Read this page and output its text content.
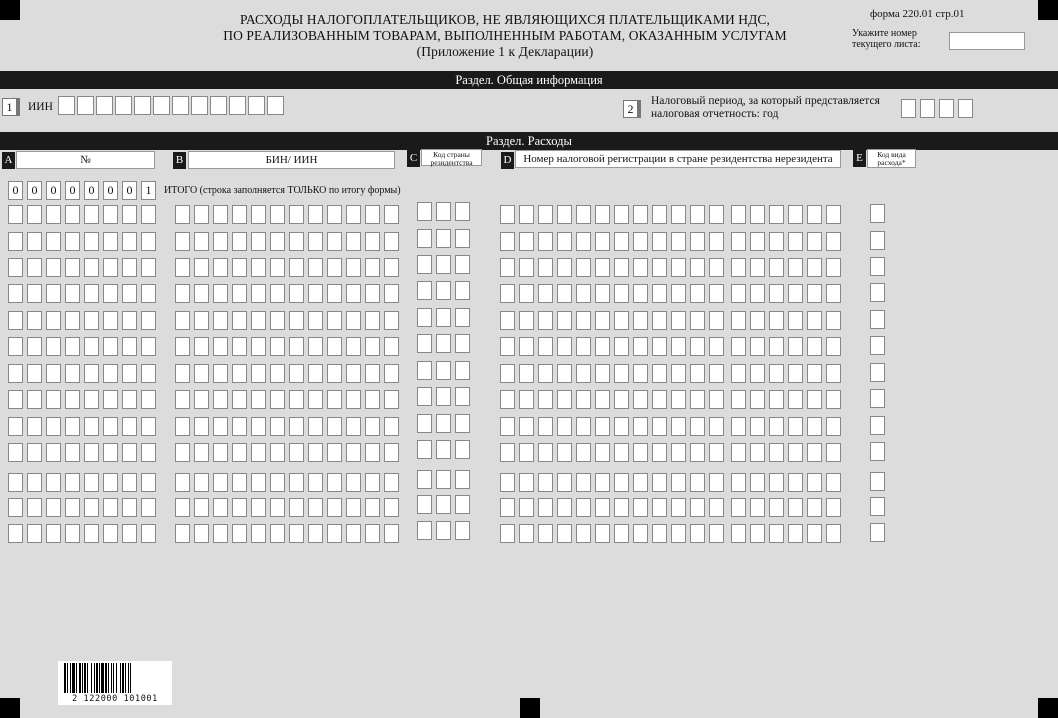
РАСХОДЫ НАЛОГОПЛАТЕЛЬЩИКОВ, НЕ ЯВЛЯЮЩИХСЯ ПЛАТЕЛЬЩИКАМИ НДС,
ПО РЕАЛИЗОВАННЫМ ТОВАРАМ, ВЫПОЛНЕННЫМ РАБОТАМ, ОКАЗАННЫМ УСЛУГАМ
(Приложение 1 к Декларации)
форма 220.01 стр.01
Укажите номер
текущего листа:
Раздел. Общая информация
1	ИИН	2
Налоговый период, за который представляется
налоговая отчетность: год
Раздел. Расходы
A	№	B	БИН/ ИИН	C	Код страны
резидентства	D	Номер налоговой регистрации в стране резидентства нерезидента	E	Код вида
расхода*
0	0	0	0	0	0	0	1	ИТОГО (строка заполняется ТОЛЬКО по итогу формы)
2 122000 101001
